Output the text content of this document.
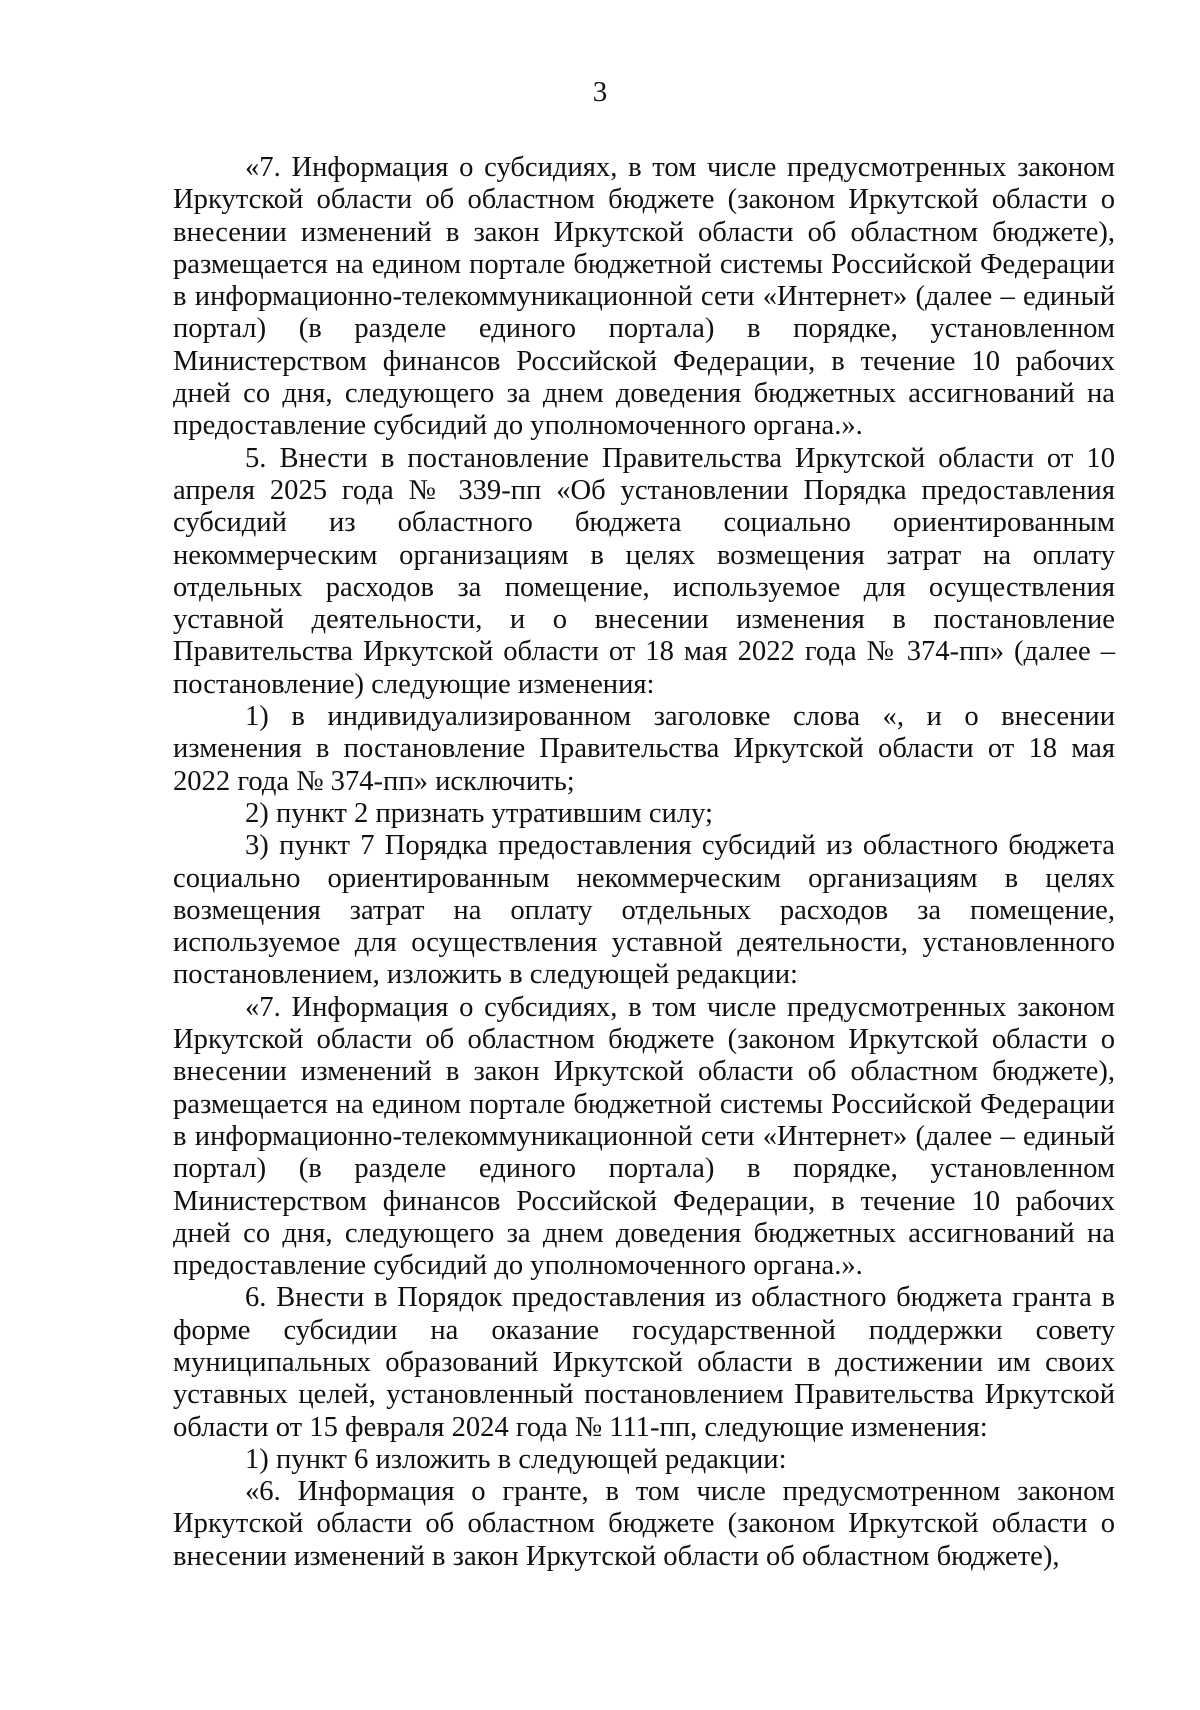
3

«7. Информация о субсидиях, в том числе предусмотренных законом Иркутской области об областном бюджете (законом Иркутской области о внесении изменений в закон Иркутской области об областном бюджете), размещается на едином портале бюджетной системы Российской Федерации в информационно-телекоммуникационной сети «Интернет» (далее – единый портал) (в разделе единого портала) в порядке, установленном Министерством финансов Российской Федерации, в течение 10 рабочих дней со дня, следующего за днем доведения бюджетных ассигнований на предоставление субсидий до уполномоченного органа.».

5. Внести в постановление Правительства Иркутской области от 10 апреля 2025 года № 339-пп «Об установлении Порядка предоставления субсидий из областного бюджета социально ориентированным некоммерческим организациям в целях возмещения затрат на оплату отдельных расходов за помещение, используемое для осуществления уставной деятельности, и о внесении изменения в постановление Правительства Иркутской области от 18 мая 2022 года № 374-пп» (далее – постановление) следующие изменения:

1) в индивидуализированном заголовке слова «, и о внесении изменения в постановление Правительства Иркутской области от 18 мая 2022 года № 374-пп» исключить;

2) пункт 2 признать утратившим силу;

3) пункт 7 Порядка предоставления субсидий из областного бюджета социально ориентированным некоммерческим организациям в целях возмещения затрат на оплату отдельных расходов за помещение, используемое для осуществления уставной деятельности, установленного постановлением, изложить в следующей редакции:

«7. Информация о субсидиях, в том числе предусмотренных законом Иркутской области об областном бюджете (законом Иркутской области о внесении изменений в закон Иркутской области об областном бюджете), размещается на едином портале бюджетной системы Российской Федерации в информационно-телекоммуникационной сети «Интернет» (далее – единый портал) (в разделе единого портала) в порядке, установленном Министерством финансов Российской Федерации, в течение 10 рабочих дней со дня, следующего за днем доведения бюджетных ассигнований на предоставление субсидий до уполномоченного органа.».

6. Внести в Порядок предоставления из областного бюджета гранта в форме субсидии на оказание государственной поддержки совету муниципальных образований Иркутской области в достижении им своих уставных целей, установленный постановлением Правительства Иркутской области от 15 февраля 2024 года № 111-пп, следующие изменения:

1) пункт 6 изложить в следующей редакции:

«6. Информация о гранте, в том числе предусмотренном законом Иркутской области об областном бюджете (законом Иркутской области о внесении изменений в закон Иркутской области об областном бюджете),
